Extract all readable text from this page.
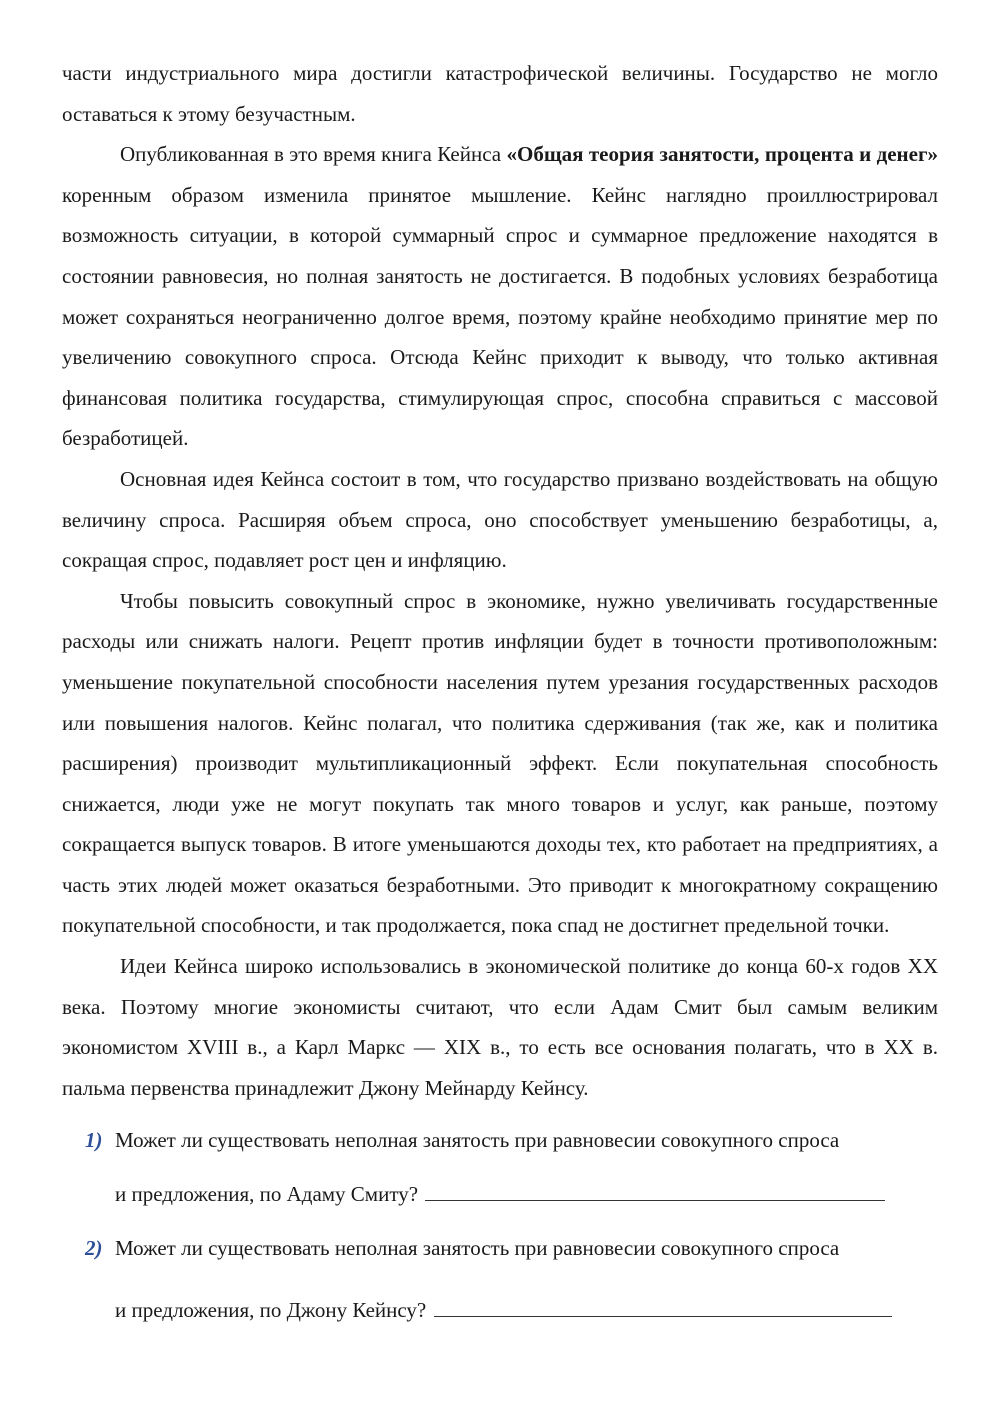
части индустриального мира достигли катастрофической величины. Государство не могло оставаться к этому безучастным.

Опубликованная в это время книга Кейнса «Общая теория занятости, процента и денег» коренным образом изменила принятое мышление. Кейнс наглядно проиллюстрировал возможность ситуации, в которой суммарный спрос и суммарное предложение находятся в состоянии равновесия, но полная занятость не достигается. В подобных условиях безработица может сохраняться неограниченно долгое время, поэтому крайне необходимо принятие мер по увеличению совокупного спроса. Отсюда Кейнс приходит к выводу, что только активная финансовая политика государства, стимулирующая спрос, способна справиться с массовой безработицей.

Основная идея Кейнса состоит в том, что государство призвано воздействовать на общую величину спроса. Расширяя объем спроса, оно способствует уменьшению безработицы, а, сокращая спрос, подавляет рост цен и инфляцию.

Чтобы повысить совокупный спрос в экономике, нужно увеличивать государственные расходы или снижать налоги. Рецепт против инфляции будет в точности противоположным: уменьшение покупательной способности населения путем урезания государственных расходов или повышения налогов. Кейнс полагал, что политика сдерживания (так же, как и политика расширения) производит мультипликационный эффект. Если покупательная способность снижается, люди уже не могут покупать так много товаров и услуг, как раньше, поэтому сокращается выпуск товаров. В итоге уменьшаются доходы тех, кто работает на предприятиях, а часть этих людей может оказаться безработными. Это приводит к многократному сокращению покупательной способности, и так продолжается, пока спад не достигнет предельной точки.

Идеи Кейнса широко использовались в экономической политике до конца 60-х годов XX века. Поэтому многие экономисты считают, что если Адам Смит был самым великим экономистом XVIII в., а Карл Маркс — XIX в., то есть все основания полагать, что в XX в. пальма первенства принадлежит Джону Мейнарду Кейнсу.

1) Может ли существовать неполная занятость при равновесии совокупного спроса
и предложения, по Адаму Смиту?
2) Может ли существовать неполная занятость при равновесии совокупного спроса
и предложения, по Джону Кейнсу?
